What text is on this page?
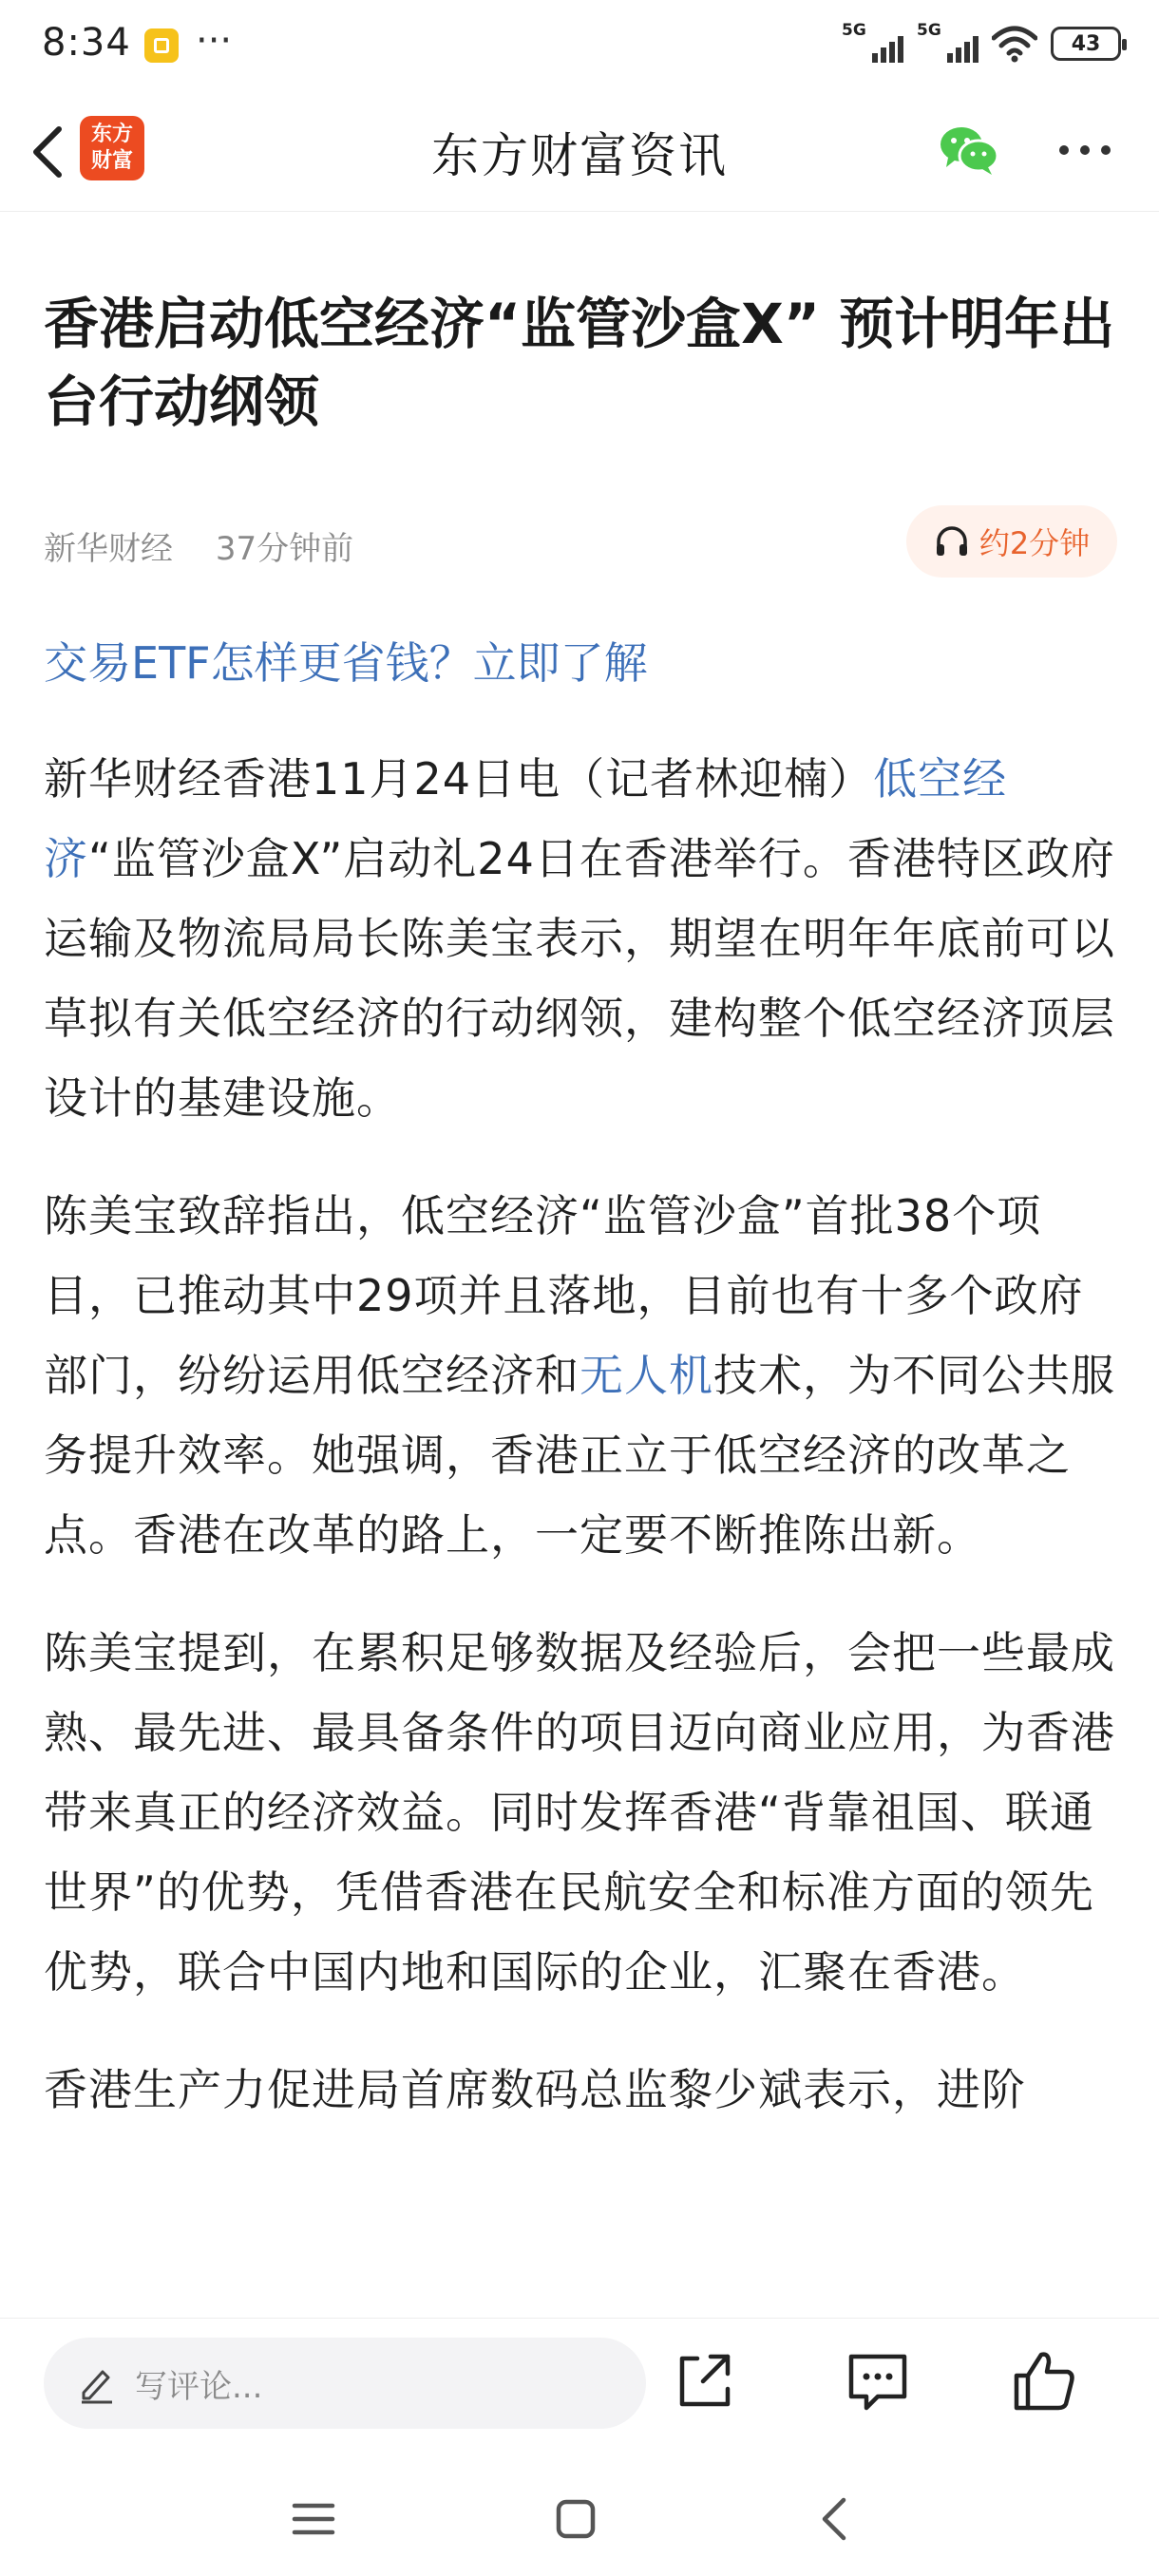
8:34 ···	5G	5G
43
东方
财富	东方财富资讯
香港启动低空经济“监管沙盒X” 预计明年出台行动纲领
新华财经 37分钟前	约2分钟
交易ETF怎样更省钱？立即了解

新华财经香港11月24日电（记者林迎楠）低空经济“监管沙盒X”启动礼24日在香港举行。香港特区政府运输及物流局局长陈美宝表示，期望在明年年底前可以草拟有关低空经济的行动纲领，建构整个低空经济顶层设计的基建设施。

陈美宝致辞指出，低空经济“监管沙盒”首批38个项目，已推动其中29项并且落地，目前也有十多个政府部门，纷纷运用低空经济和无人机技术，为不同公共服务提升效率。她强调，香港正立于低空经济的改革之点。香港在改革的路上，一定要不断推陈出新。

陈美宝提到，在累积足够数据及经验后，会把一些最成熟、最先进、最具备条件的项目迈向商业应用，为香港带来真正的经济效益。同时发挥香港“背靠祖国、联通世界”的优势，凭借香港在民航安全和标准方面的领先优势，联合中国内地和国际的企业，汇聚在香港。

香港生产力促进局首席数码总监黎少斌表示，进阶

写评论...
